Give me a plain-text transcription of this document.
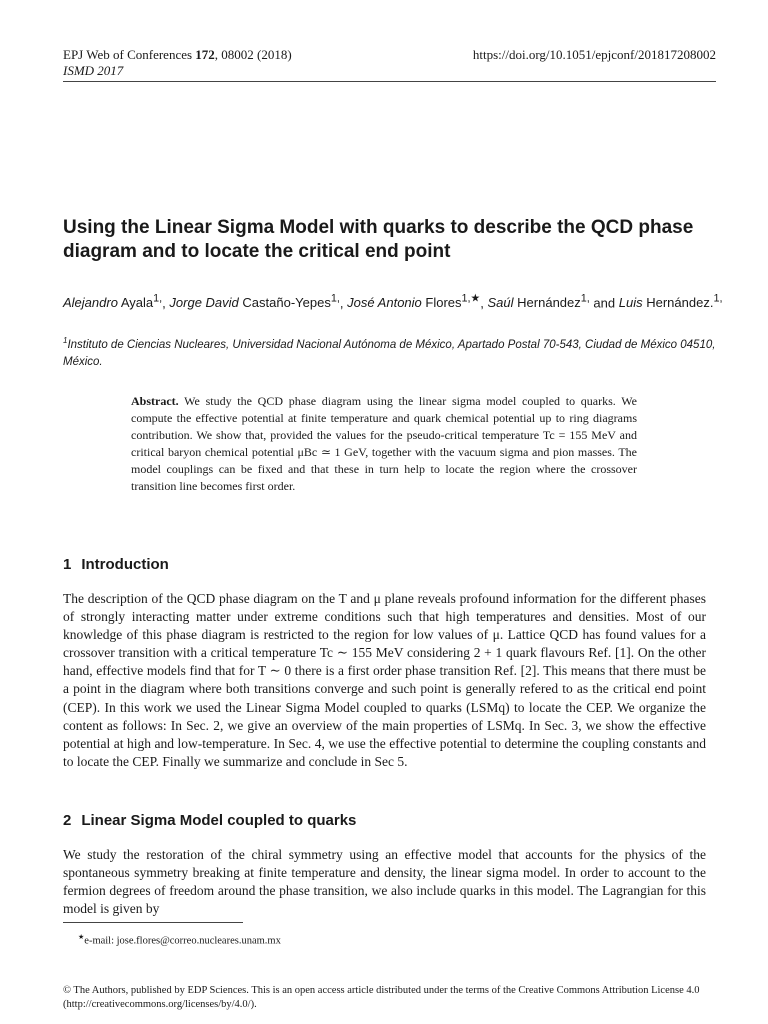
EPJ Web of Conferences 172, 08002 (2018)
ISMD 2017
https://doi.org/10.1051/epjconf/201817208002
Using the Linear Sigma Model with quarks to describe the QCD phase diagram and to locate the critical end point
Alejandro Ayala$^{1,}$, Jorge David Castaño-Yepes$^{1,}$, José Antonio Flores$^{1,★}$, Saúl Hernández$^{1,}$ and Luis Hernández.$^{1,}$
$^1$Instituto de Ciencias Nucleares, Universidad Nacional Autónoma de México, Apartado Postal 70-543, Ciudad de México 04510, México.
Abstract. We study the QCD phase diagram using the linear sigma model coupled to quarks. We compute the effective potential at finite temperature and quark chemical potential up to ring diagrams contribution. We show that, provided the values for the pseudo-critical temperature Tc = 155 MeV and critical baryon chemical potential μBc ≃ 1 GeV, together with the vacuum sigma and pion masses. The model couplings can be fixed and that these in turn help to locate the region where the crossover transition line becomes first order.
1 Introduction
The description of the QCD phase diagram on the T and μ plane reveals profound information for the different phases of strongly interacting matter under extreme conditions such that high temperatures and densities. Most of our knowledge of this phase diagram is restricted to the region for low values of μ. Lattice QCD has found values for a crossover transition with a critical temperature Tc ∼ 155 MeV considering 2 + 1 quark flavours Ref. [1]. On the other hand, effective models find that for T ∼ 0 there is a first order phase transition Ref. [2]. This means that there must be a point in the diagram where both transitions converge and such point is generally refered to as the critical end point (CEP). In this work we used the Linear Sigma Model coupled to quarks (LSMq) to locate the CEP. We organize the content as follows: In Sec. 2, we give an overview of the main properties of LSMq. In Sec. 3, we show the effective potential at high and low-temperature. In Sec. 4, we use the effective potential to determine the coupling constants and to locate the CEP. Finally we summarize and conclude in Sec 5.
2 Linear Sigma Model coupled to quarks
We study the restoration of the chiral symmetry using an effective model that accounts for the physics of the spontaneous symmetry breaking at finite temperature and density, the linear sigma model. In order to account to the fermion degrees of freedom around the phase transition, we also include quarks in this model. The Lagrangian for this model is given by
★e-mail: jose.flores@correo.nucleares.unam.mx
© The Authors, published by EDP Sciences. This is an open access article distributed under the terms of the Creative Commons Attribution License 4.0 (http://creativecommons.org/licenses/by/4.0/).
